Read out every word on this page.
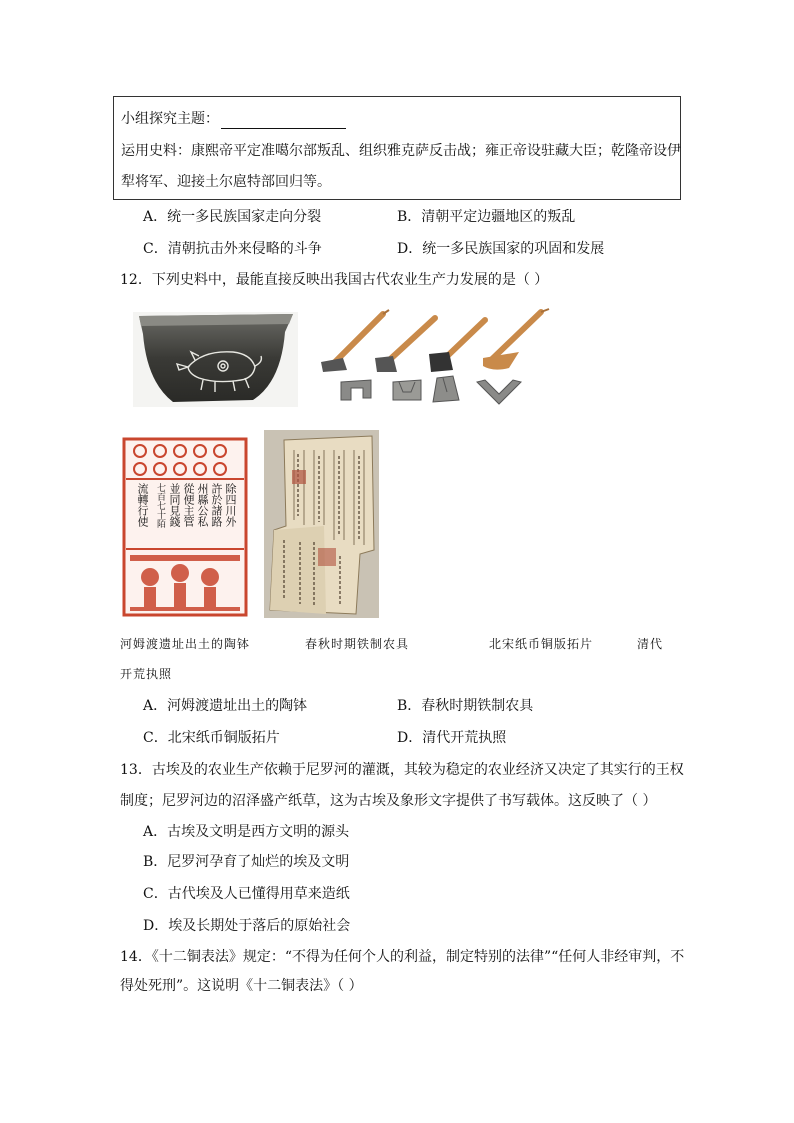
小组探究主题：
运用史料：康熙帝平定准噶尔部叛乱、组织雅克萨反击战；雍正帝设驻藏大臣；乾隆帝设伊
犁将军、迎接土尔扈特部回归等。
A．统一多民族国家走向分裂	B．清朝平定边疆地区的叛乱
C．清朝抗击外来侵略的斗争	D．统一多民族国家的巩固和发展
12．下列史料中，最能直接反映出我国古代农业生产力发展的是（ ）
除四川外
許於諸路
州縣公私
從便主管
並同見錢
七百七十陌
流轉行使
河姆渡遗址出土的陶钵	春秋时期铁制农具	北宋纸币铜版拓片	清代
开荒执照
A．河姆渡遗址出土的陶钵	B．春秋时期铁制农具
C．北宋纸币铜版拓片	D．清代开荒执照
13．古埃及的农业生产依赖于尼罗河的灌溉，其较为稳定的农业经济又决定了其实行的王权
制度；尼罗河边的沼泽盛产纸草，这为古埃及象形文字提供了书写载体。这反映了（ ）
A．古埃及文明是西方文明的源头
B．尼罗河孕育了灿烂的埃及文明
C．古代埃及人已懂得用草来造纸
D．埃及长期处于落后的原始社会
14．《十二铜表法》规定：“不得为任何个人的利益，制定特别的法律”“任何人非经审判，不
得处死刑”。这说明《十二铜表法》（ ）
